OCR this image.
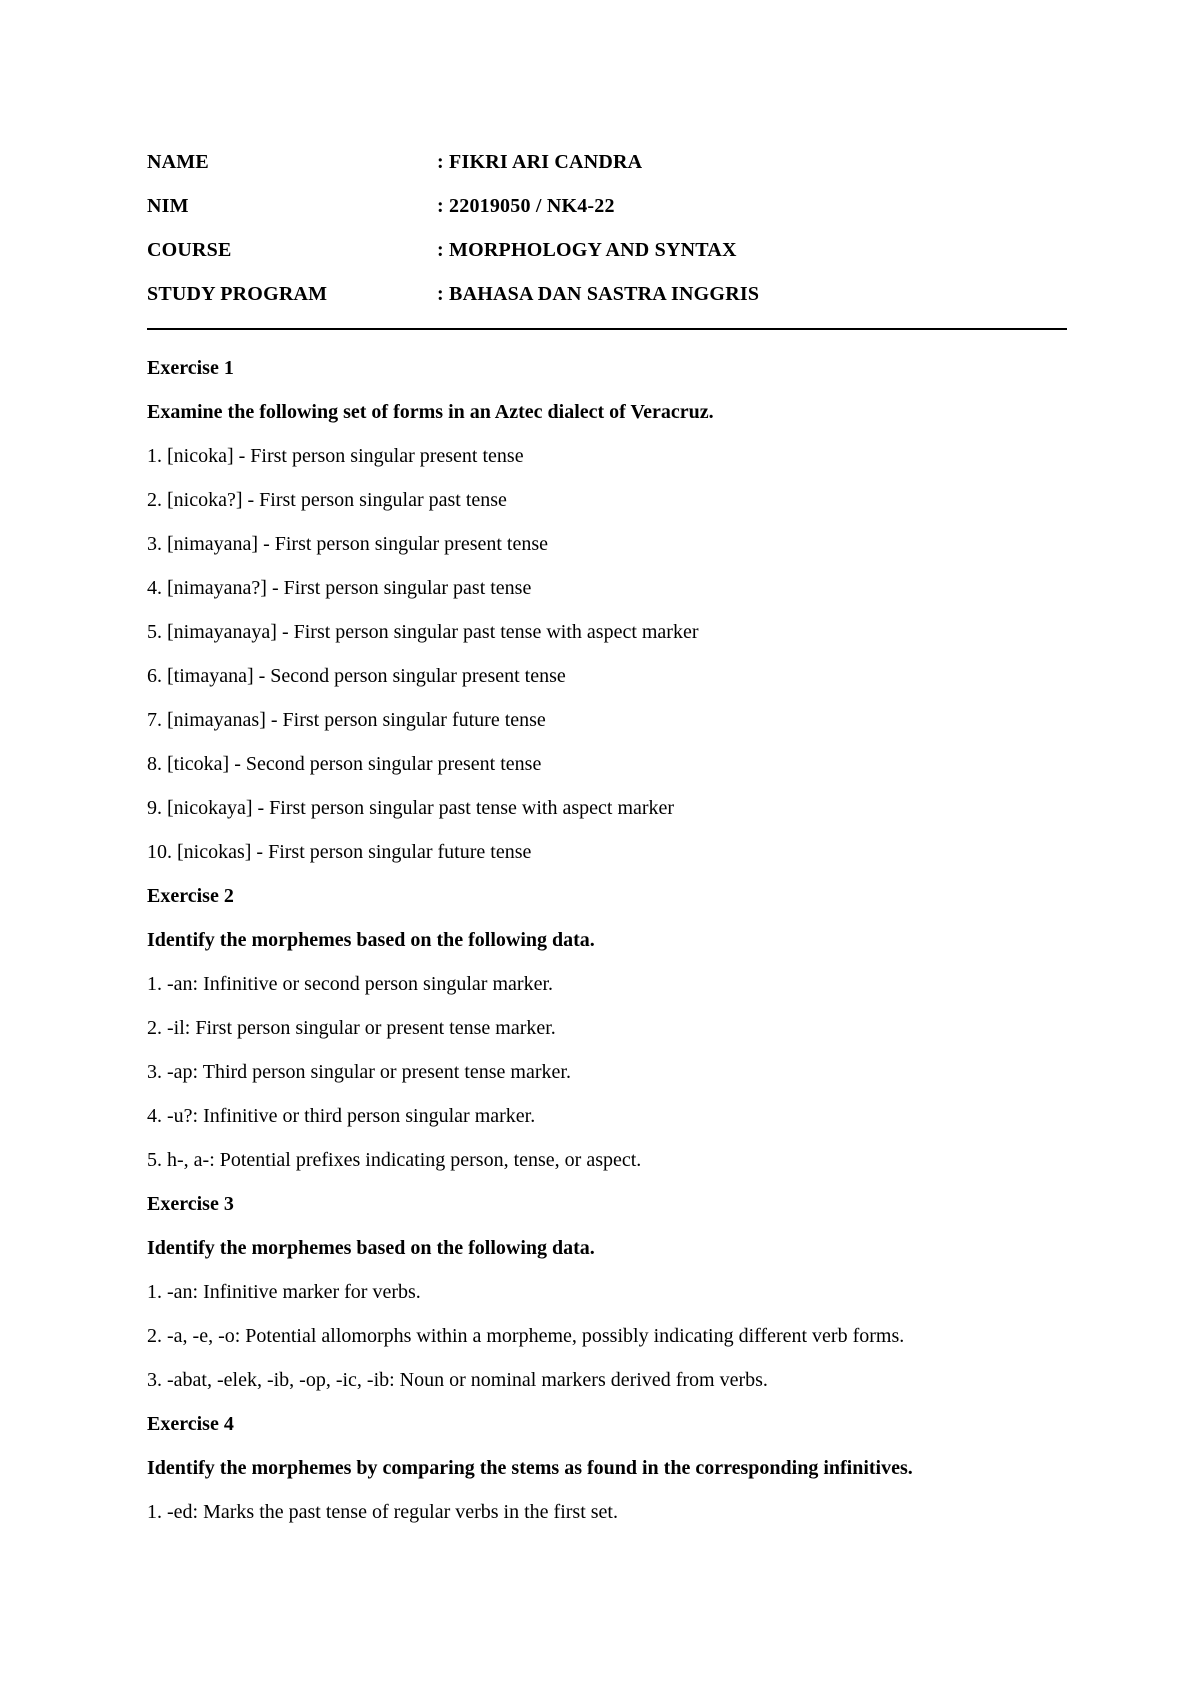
NAME	: FIKRI ARI CANDRA
NIM	: 22019050 / NK4-22
COURSE	: MORPHOLOGY AND SYNTAX
STUDY PROGRAM	: BAHASA DAN SASTRA INGGRIS
Exercise 1
Examine the following set of forms in an Aztec dialect of Veracruz.
1. [nicoka] - First person singular present tense
2. [nicoka?] - First person singular past tense
3. [nimayana] - First person singular present tense
4. [nimayana?] - First person singular past tense
5. [nimayanaya] - First person singular past tense with aspect marker
6. [timayana] - Second person singular present tense
7. [nimayanas] - First person singular future tense
8. [ticoka] - Second person singular present tense
9. [nicokaya] - First person singular past tense with aspect marker
10. [nicokas] - First person singular future tense
Exercise 2
Identify the morphemes based on the following data.
1. -an: Infinitive or second person singular marker.
2. -il: First person singular or present tense marker.
3. -ap: Third person singular or present tense marker.
4. -u?: Infinitive or third person singular marker.
5. h-, a-: Potential prefixes indicating person, tense, or aspect.
Exercise 3
Identify the morphemes based on the following data.
1. -an: Infinitive marker for verbs.
2. -a, -e, -o: Potential allomorphs within a morpheme, possibly indicating different verb forms.
3. -abat, -elek, -ib, -op, -ic, -ib: Noun or nominal markers derived from verbs.
Exercise 4
Identify the morphemes by comparing the stems as found in the corresponding infinitives.
1. -ed: Marks the past tense of regular verbs in the first set.
